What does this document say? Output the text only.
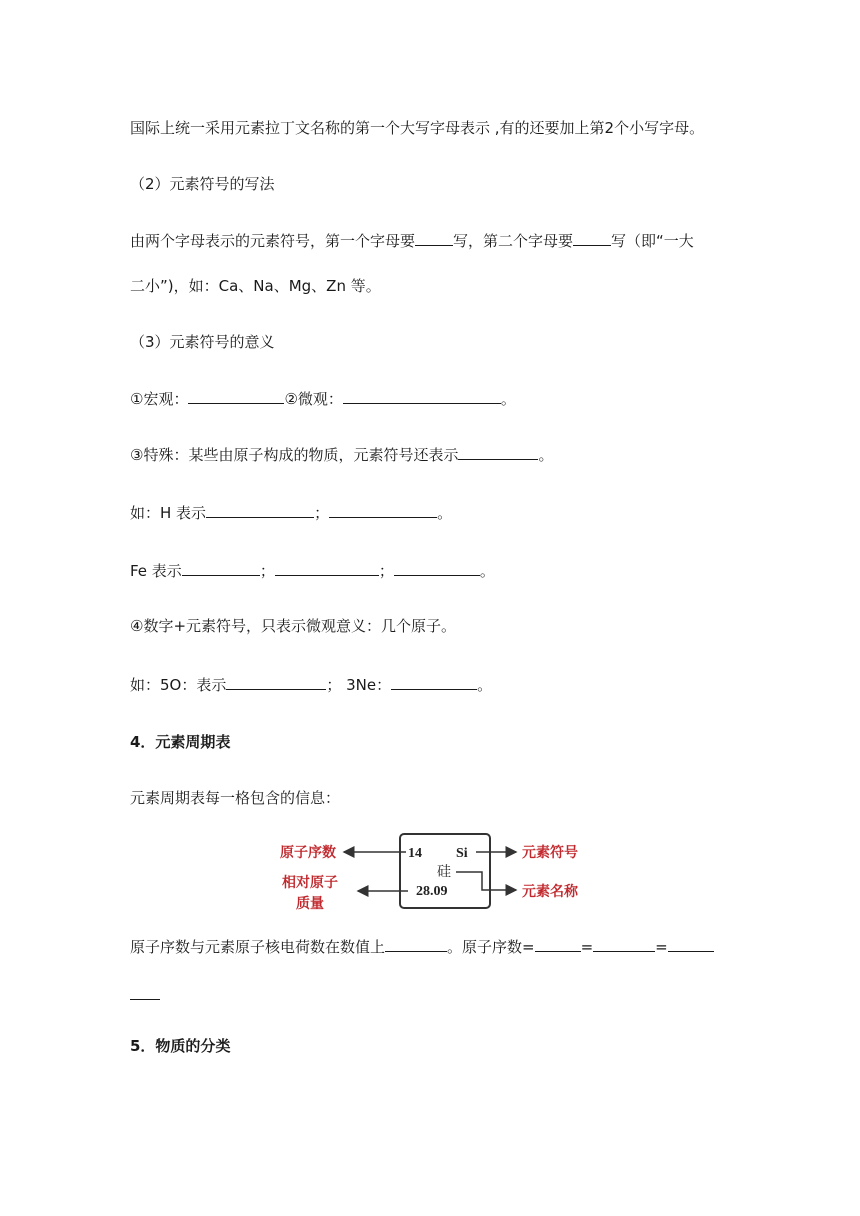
国际上统一采用元素拉丁文名称的第一个大写字母表示 ,有的还要加上第2个小写字母。
（2）元素符号的写法
由两个字母表示的元素符号，第一个字母要	写，第二个字母要	写（即“一大
二小”)，如：Ca、Na、Mg、Zn 等。
（3）元素符号的意义
①宏观：	②微观：	。
③特殊：某些由原子构成的物质，元素符号还表示	。
如：H 表示	；	。
Fe 表示	；	；	。
④数字+元素符号，只表示微观意义：几个原子。
如：5O：表示	； 3Ne：	。
4．元素周期表
元素周期表每一格包含的信息：
14 Si
硅
28.09
原子序数
相对原子
质量
元素符号
元素名称
原子序数与元素原子核电荷数在数值上	。原子序数=	=	=
5．物质的分类
